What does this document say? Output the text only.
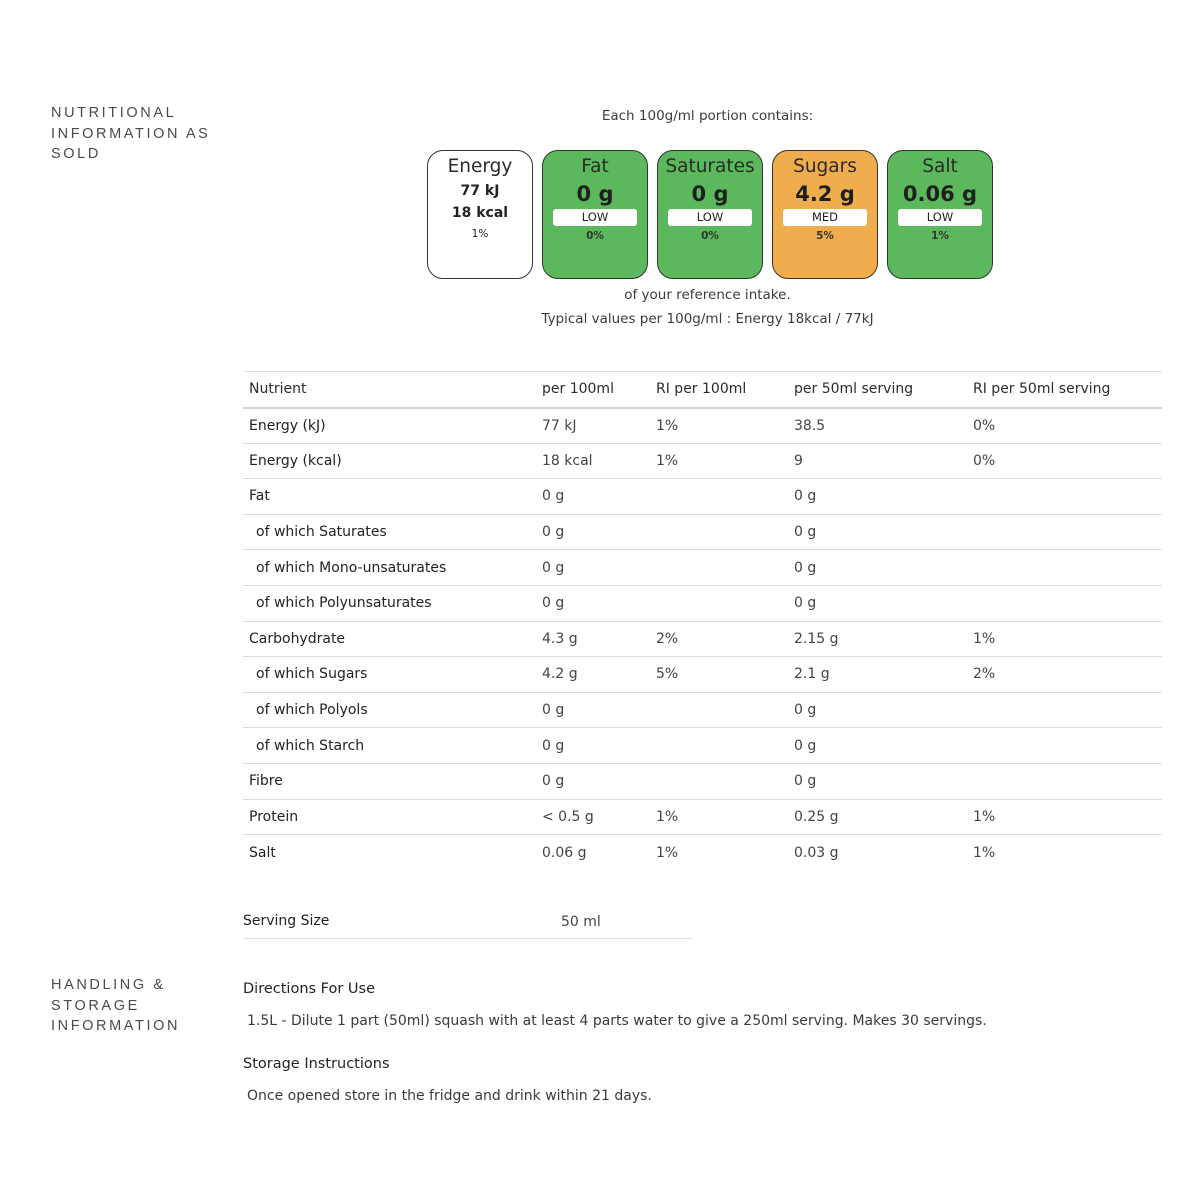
NUTRITIONAL INFORMATION AS SOLD
Each 100g/ml portion contains:
Energy
77 kJ
18 kcal
1%
Fat
0 g
LOW
0%
Saturates
0 g
LOW
0%
Sugars
4.2 g
MED
5%
Salt
0.06 g
LOW
1%
of your reference intake.
Typical values per 100g/ml : Energy 18kcal / 77kJ
Nutrient	per 100ml	RI per 100ml	per 50ml serving	RI per 50ml serving
Energy (kJ)	77 kJ	1%	38.5	0%
Energy (kcal)	18 kcal	1%	9	0%
Fat	0 g		0 g	
of which Saturates	0 g		0 g	
of which Mono-unsaturates	0 g		0 g	
of which Polyunsaturates	0 g		0 g	
Carbohydrate	4.3 g	2%	2.15 g	1%
of which Sugars	4.2 g	5%	2.1 g	2%
of which Polyols	0 g		0 g	
of which Starch	0 g		0 g	
Fibre	0 g		0 g	
Protein	< 0.5 g	1%	0.25 g	1%
Salt	0.06 g	1%	0.03 g	1%
Serving Size	50 ml
HANDLING & STORAGE INFORMATION
Directions For Use
1.5L - Dilute 1 part (50ml) squash with at least 4 parts water to give a 250ml serving. Makes 30 servings.
Storage Instructions
Once opened store in the fridge and drink within 21 days.
